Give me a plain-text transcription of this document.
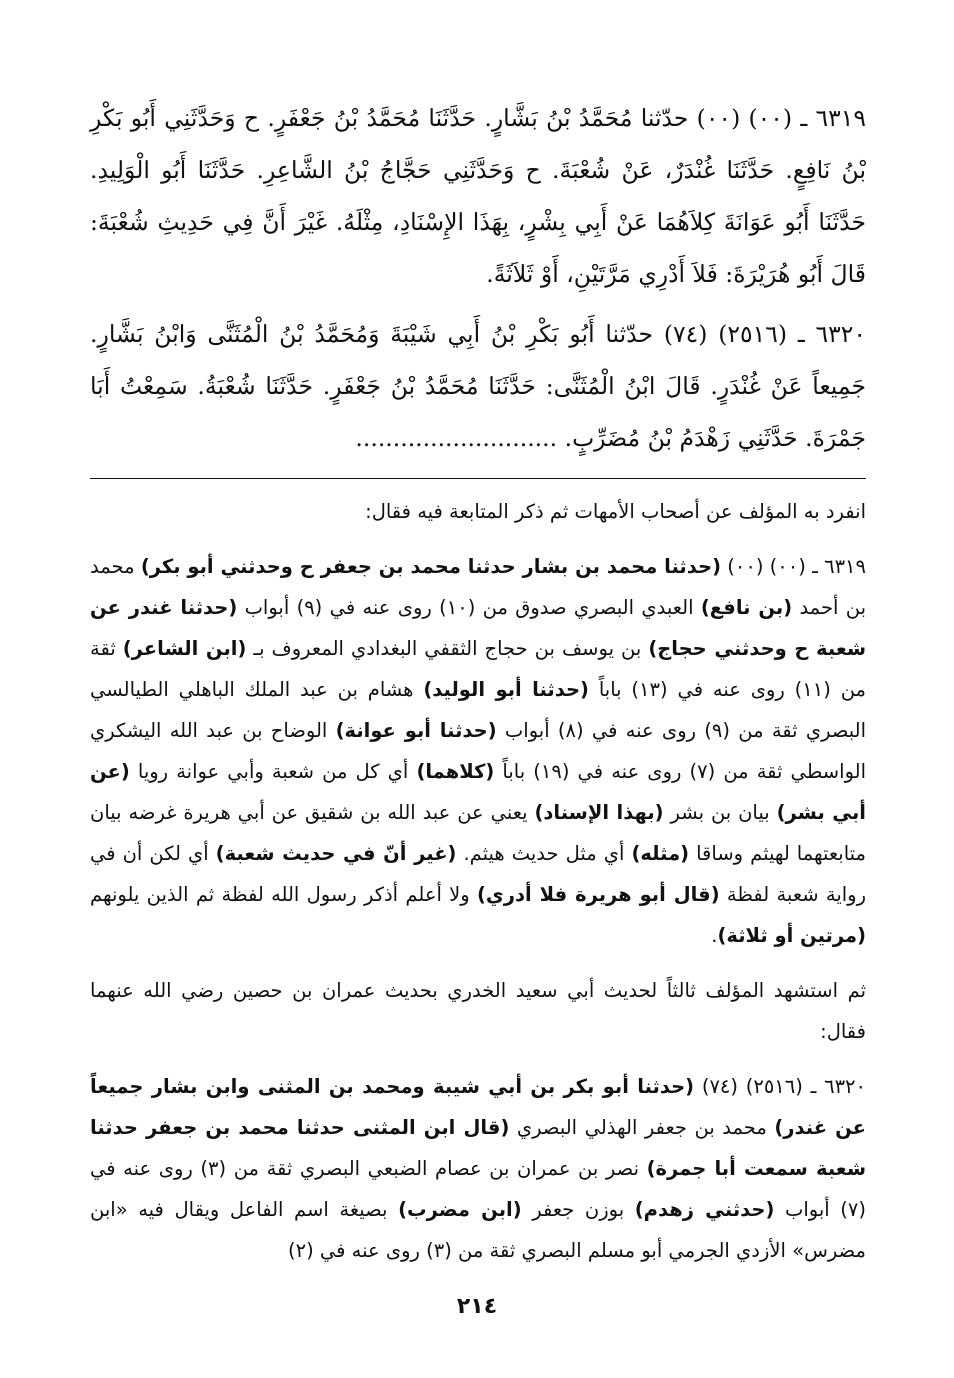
٦٣١٩ ـ (٠٠) (٠٠) حدّثنا مُحَمَّدُ بْنُ بَشَّارٍ. حَدَّثَنَا مُحَمَّدُ بْنُ جَعْفَرٍ. ح وَحَدَّثَنِي أَبُو بَكْرِ بْنُ نَافِعٍ. حَدَّثَنَا غُنْدَرٌ، عَنْ شُعْبَةَ. ح وَحَدَّثَنِي حَجَّاجُ بْنُ الشَّاعِرِ. حَدَّثَنَا أَبُو الْوَلِيدِ. حَدَّثَنَا أَبُو عَوَانَةَ كِلاَهُمَا عَنْ أَبِي بِشْرٍ، بِهَذَا الإِسْنَادِ، مِثْلَهُ. غَيْرَ أَنَّ فِي حَدِيثِ شُعْبَةَ: قَالَ أَبُو هُرَيْرَةَ: فَلاَ أَدْرِي مَرَّتَيْنِ، أَوْ ثَلاَثَةً.

٦٣٢٠ ـ (٢٥١٦) (٧٤) حدّثنا أَبُو بَكْرِ بْنُ أَبِي شَيْبَةَ وَمُحَمَّدُ بْنُ الْمُثَنَّى وَابْنُ بَشَّارٍ. جَمِيعاً عَنْ غُنْدَرٍ. قَالَ ابْنُ الْمُثَنَّى: حَدَّثَنَا مُحَمَّدُ بْنُ جَعْفَرٍ. حَدَّثَنَا شُعْبَةُ. سَمِعْتُ أَبَا جَمْرَةَ. حَدَّثَنِي زَهْدَمُ بْنُ مُضَرِّبٍ. ...........................

انفرد به المؤلف عن أصحاب الأمهات ثم ذكر المتابعة فيه فقال:

٦٣١٩ ـ (٠٠) (٠٠) (حدثنا محمد بن بشار حدثنا محمد بن جعفر ح وحدثني أبو بكر) محمد بن أحمد (بن نافع) العبدي البصري صدوق من (١٠) روى عنه في (٩) أبواب (حدثنا غندر عن شعبة ح وحدثني حجاج) بن يوسف بن حجاج الثقفي البغدادي المعروف بـ (ابن الشاعر) ثقة من (١١) روى عنه في (١٣) باباً (حدثنا أبو الوليد) هشام بن عبد الملك الباهلي الطيالسي البصري ثقة من (٩) روى عنه في (٨) أبواب (حدثنا أبو عوانة) الوضاح بن عبد الله اليشكري الواسطي ثقة من (٧) روى عنه في (١٩) باباً (كلاهما) أي كل من شعبة وأبي عوانة رويا (عن أبي بشر) بيان بن بشر (بهذا الإسناد) يعني عن عبد الله بن شقيق عن أبي هريرة غرضه بيان متابعتهما لهيثم وساقا (مثله) أي مثل حديث هيثم. (غير أنّ في حديث شعبة) أي لكن أن في رواية شعبة لفظة (قال أبو هريرة فلا أدري) ولا أعلم أذكر رسول الله لفظة ثم الذين يلونهم (مرتين أو ثلاثة).

ثم استشهد المؤلف ثالثاً لحديث أبي سعيد الخدري بحديث عمران بن حصين رضي الله عنهما فقال:

٦٣٢٠ ـ (٢٥١٦) (٧٤) (حدثنا أبو بكر بن أبي شيبة ومحمد بن المثنى وابن بشار جميعاً عن غندر) محمد بن جعفر الهذلي البصري (قال ابن المثنى حدثنا محمد بن جعفر حدثنا شعبة سمعت أبا جمرة) نصر بن عمران بن عصام الضبعي البصري ثقة من (٣) روى عنه في (٧) أبواب (حدثني زهدم) بوزن جعفر (ابن مضرب) بصيغة اسم الفاعل ويقال فيه «ابن مضرس» الأزدي الجرمي أبو مسلم البصري ثقة من (٣) روى عنه في (٢)

٢١٤
